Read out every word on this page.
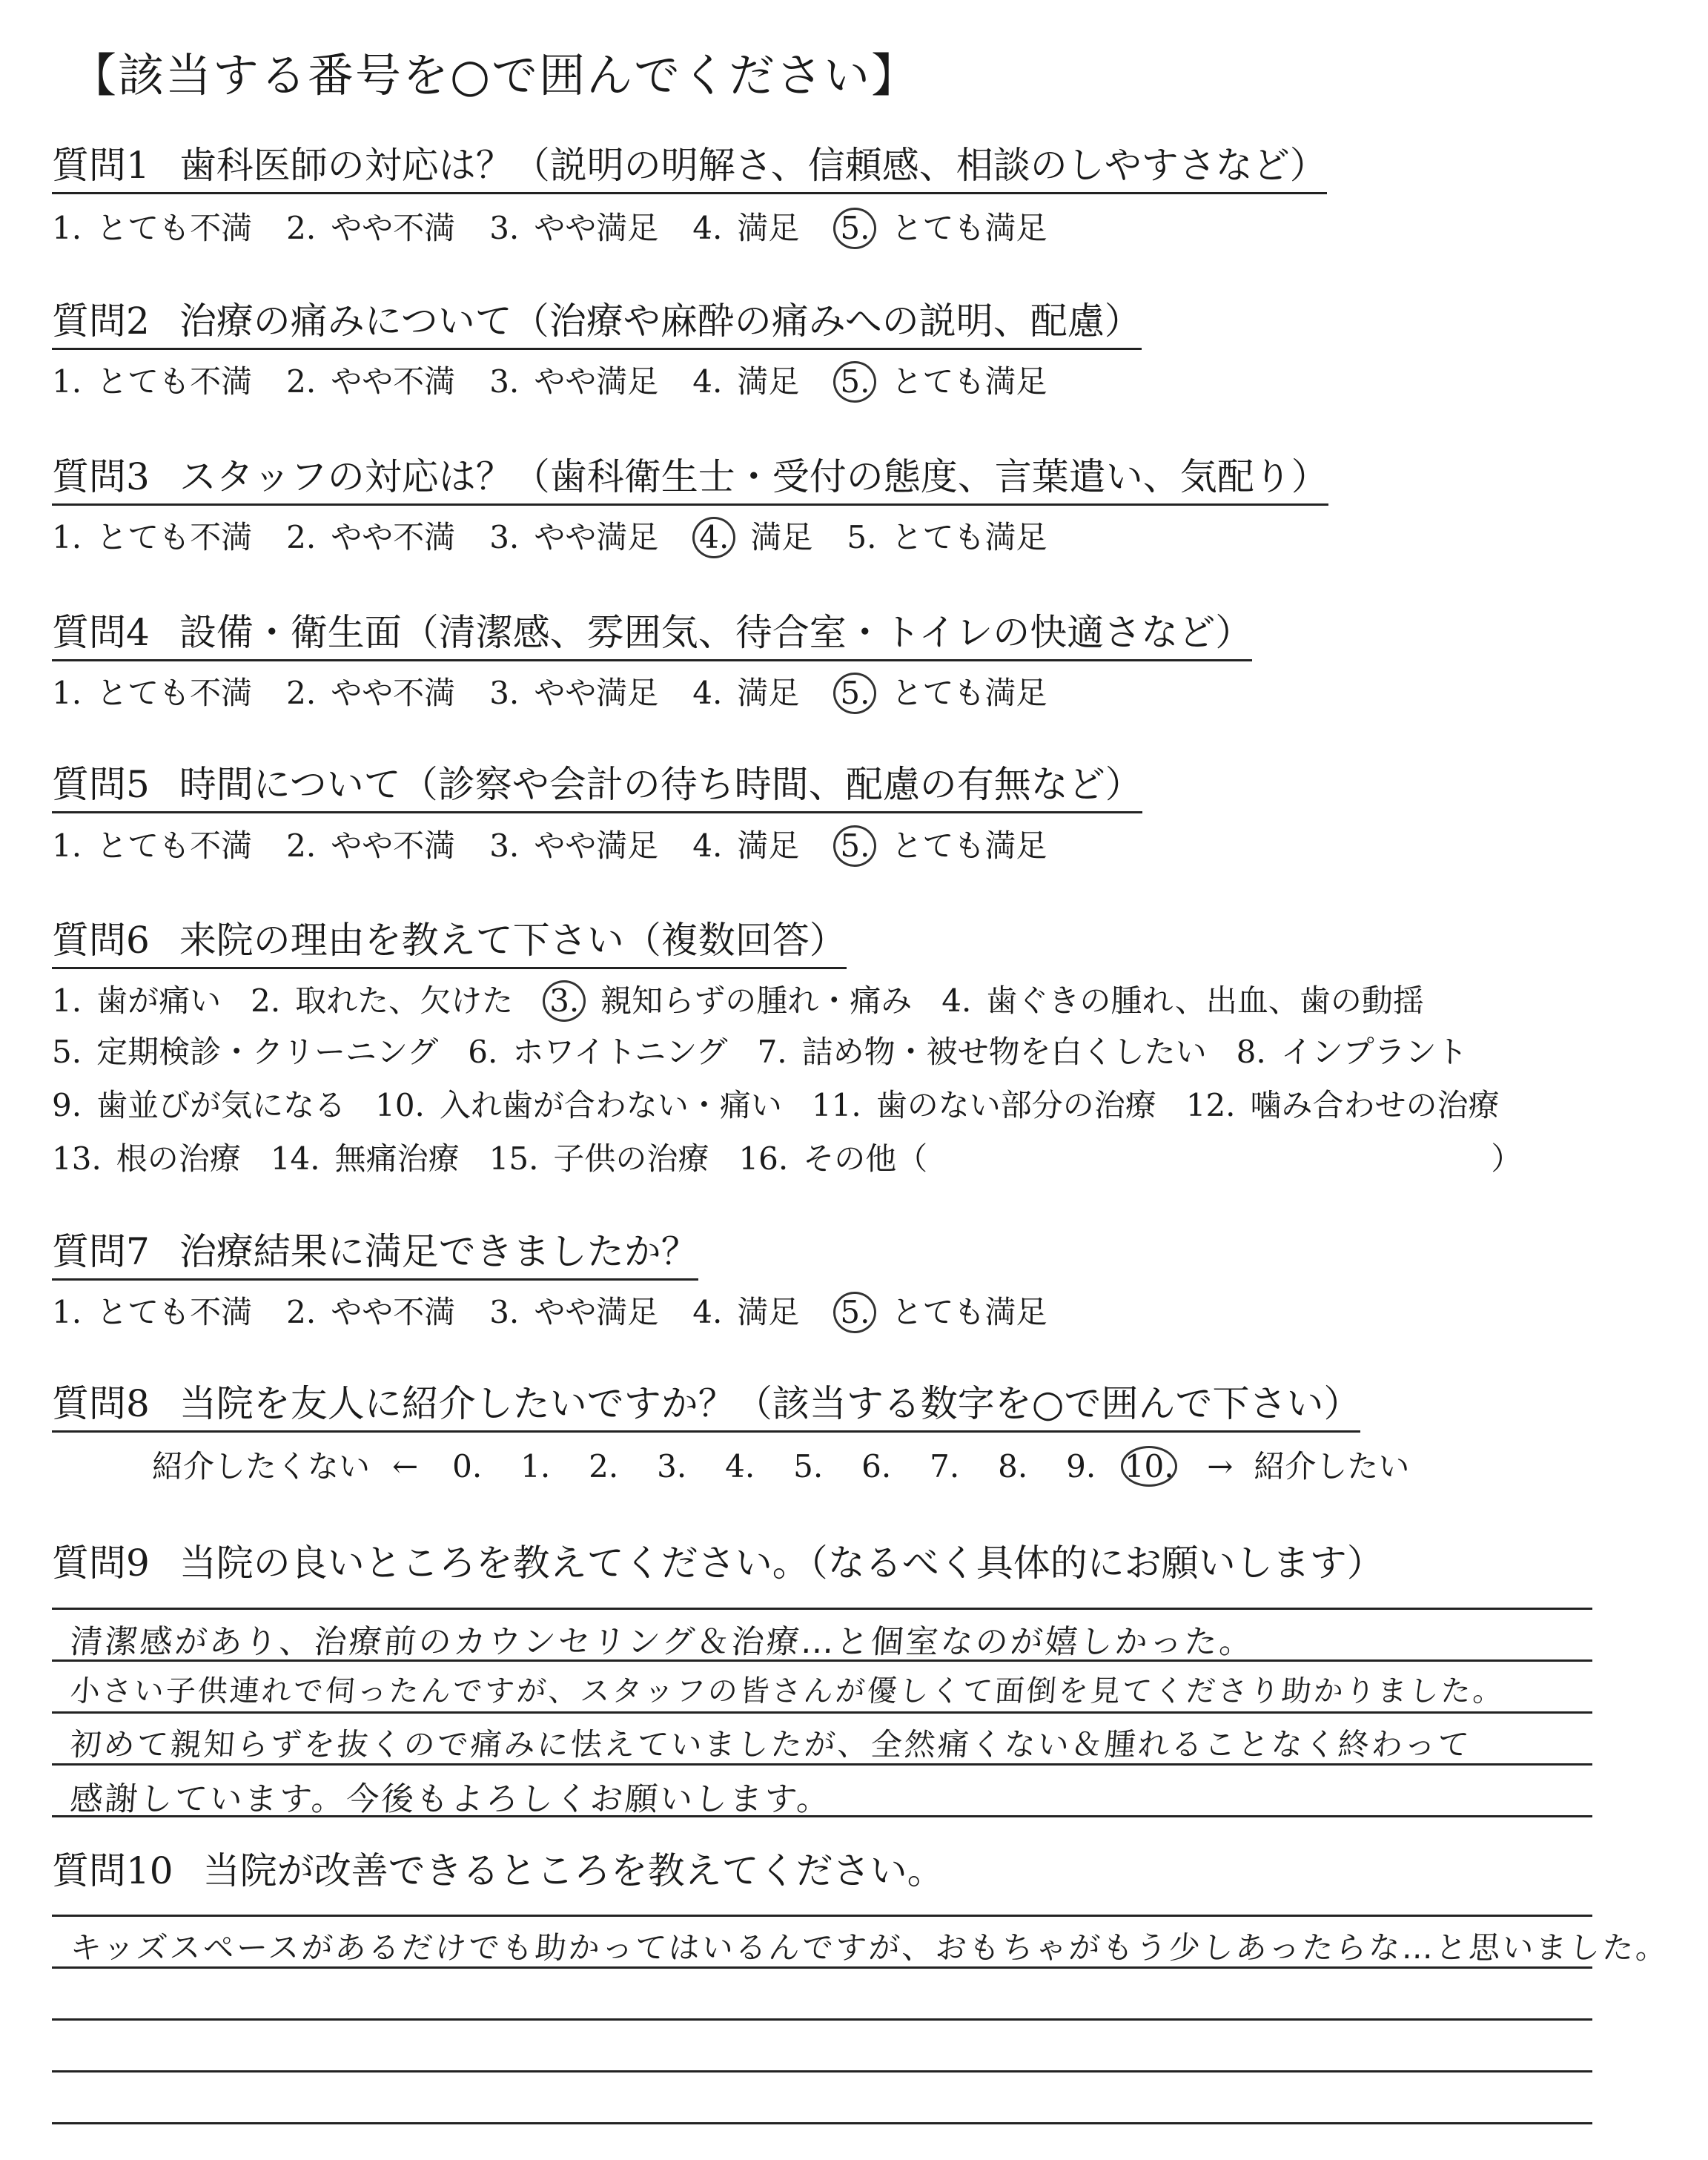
【該当する番号を○で囲んでください】
質問1 歯科医師の対応は？（説明の明解さ、信頼感、相談のしやすさなど）
1. とても不満 2. やや不満 3. やや満足 4. 満足 5. とても満足
質問2 治療の痛みについて（治療や麻酔の痛みへの説明、配慮）
1. とても不満 2. やや不満 3. やや満足 4. 満足 5. とても満足
質問3 スタッフの対応は？（歯科衛生士・受付の態度、言葉遣い、気配り）
1. とても不満 2. やや不満 3. やや満足 4. 満足 5. とても満足
質問4 設備・衛生面（清潔感、雰囲気、待合室・トイレの快適さなど）
1. とても不満 2. やや不満 3. やや満足 4. 満足 5. とても満足
質問5 時間について（診察や会計の待ち時間、配慮の有無など）
1. とても不満 2. やや不満 3. やや満足 4. 満足 5. とても満足
質問6 来院の理由を教えて下さい（複数回答）
1. 歯が痛い 2. 取れた、欠けた 3. 親知らずの腫れ・痛み 4. 歯ぐきの腫れ、出血、歯の動揺
5. 定期検診・クリーニング 6. ホワイトニング 7. 詰め物・被せ物を白くしたい 8. インプラント
9. 歯並びが気になる 10. 入れ歯が合わない・痛い 11. 歯のない部分の治療 12. 噛み合わせの治療
13. 根の治療 14. 無痛治療 15. 子供の治療 16. その他（	）
質問7 治療結果に満足できましたか？
1. とても不満 2. やや不満 3. やや満足 4. 満足 5. とても満足
質問8 当院を友人に紹介したいですか？（該当する数字を○で囲んで下さい）
紹介したくない ← 0. 1. 2. 3. 4. 5. 6. 7. 8. 9. 10. → 紹介したい
質問9 当院の良いところを教えてください。（なるべく具体的にお願いします）
清潔感があり、治療前のカウンセリング＆治療…と個室なのが嬉しかった。
小さい子供連れで伺ったんですが、スタッフの皆さんが優しくて面倒を見てくださり助かりました。
初めて親知らずを抜くので痛みに怯えていましたが、全然痛くない＆腫れることなく終わって
感謝しています。今後もよろしくお願いします。
質問10 当院が改善できるところを教えてください。
キッズスペースがあるだけでも助かってはいるんですが、おもちゃがもう少しあったらな…と思いました。
